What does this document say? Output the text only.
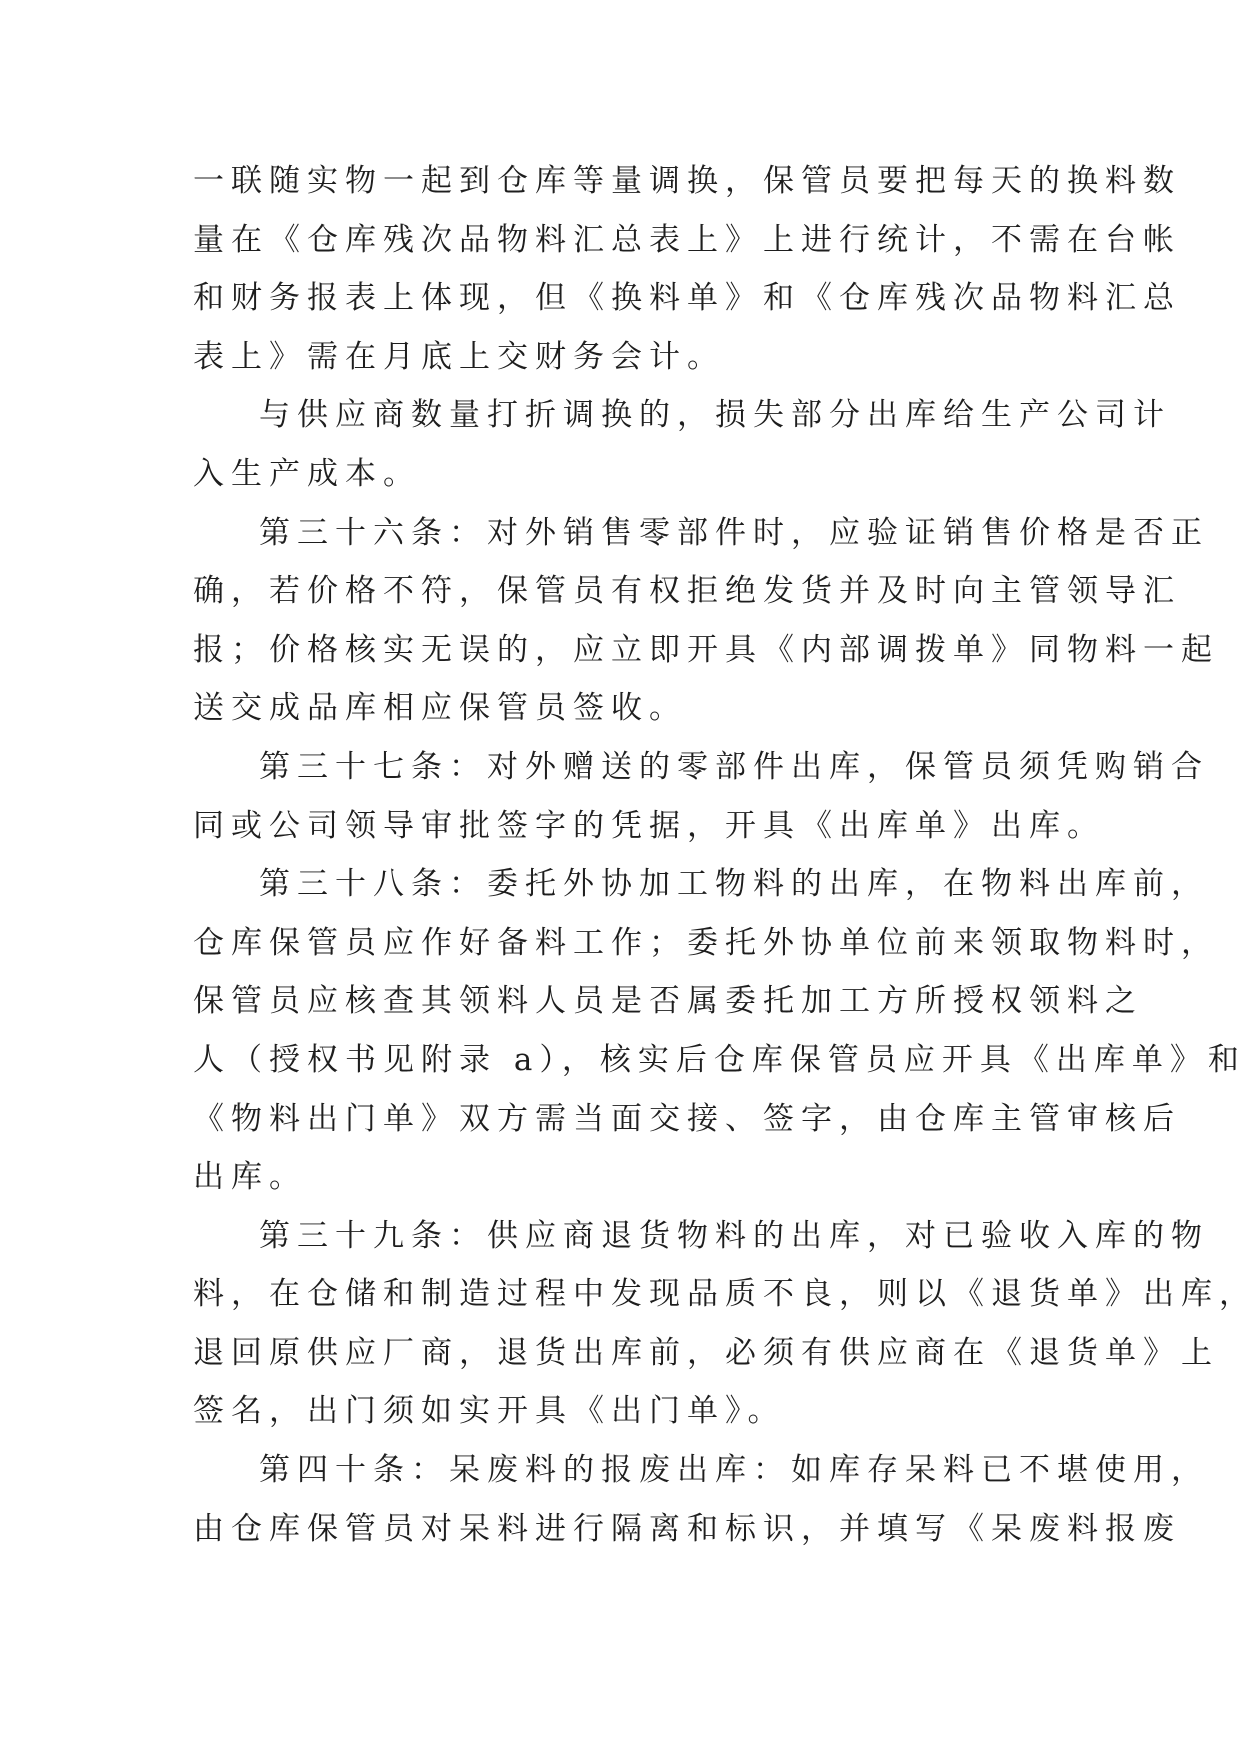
一联随实物一起到仓库等量调换，保管员要把每天的换料数
量在《仓库残次品物料汇总表上》上进行统计，不需在台帐
和财务报表上体现，但《换料单》和《仓库残次品物料汇总
表上》需在月底上交财务会计。
与供应商数量打折调换的，损失部分出库给生产公司计
入生产成本。
第三十六条：对外销售零部件时，应验证销售价格是否正
确，若价格不符，保管员有权拒绝发货并及时向主管领导汇
报；价格核实无误的，应立即开具《内部调拨单》同物料一起
送交成品库相应保管员签收。
第三十七条：对外赠送的零部件出库，保管员须凭购销合
同或公司领导审批签字的凭据，开具《出库单》出库。
第三十八条：委托外协加工物料的出库，在物料出库前，
仓库保管员应作好备料工作；委托外协单位前来领取物料时，
保管员应核查其领料人员是否属委托加工方所授权领料之
人（授权书见附录 a），核实后仓库保管员应开具《出库单》和
《物料出门单》双方需当面交接、签字，由仓库主管审核后
出库。
第三十九条：供应商退货物料的出库，对已验收入库的物
料，在仓储和制造过程中发现品质不良，则以《退货单》出库，
退回原供应厂商，退货出库前，必须有供应商在《退货单》上
签名，出门须如实开具《出门单》。
第四十条：呆废料的报废出库：如库存呆料已不堪使用，
由仓库保管员对呆料进行隔离和标识，并填写《呆废料报废
